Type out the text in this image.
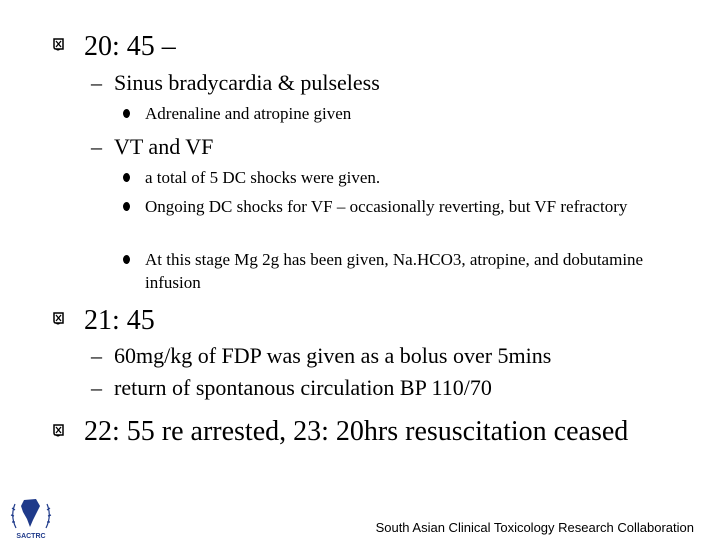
20: 45 –
– Sinus bradycardia & pulseless
Adrenaline and atropine given
– VT and VF
a total of 5 DC shocks were given.
Ongoing DC shocks for VF – occasionally reverting, but VF refractory
At this stage Mg 2g has been given, Na.HCO3, atropine, and dobutamine infusion
21: 45
– 60mg/kg of FDP was given as a bolus over 5mins
– return of spontanous circulation BP 110/70
22: 55 re arrested, 23: 20hrs resuscitation ceased
SACTRC
South Asian Clinical Toxicology Research Collaboration
